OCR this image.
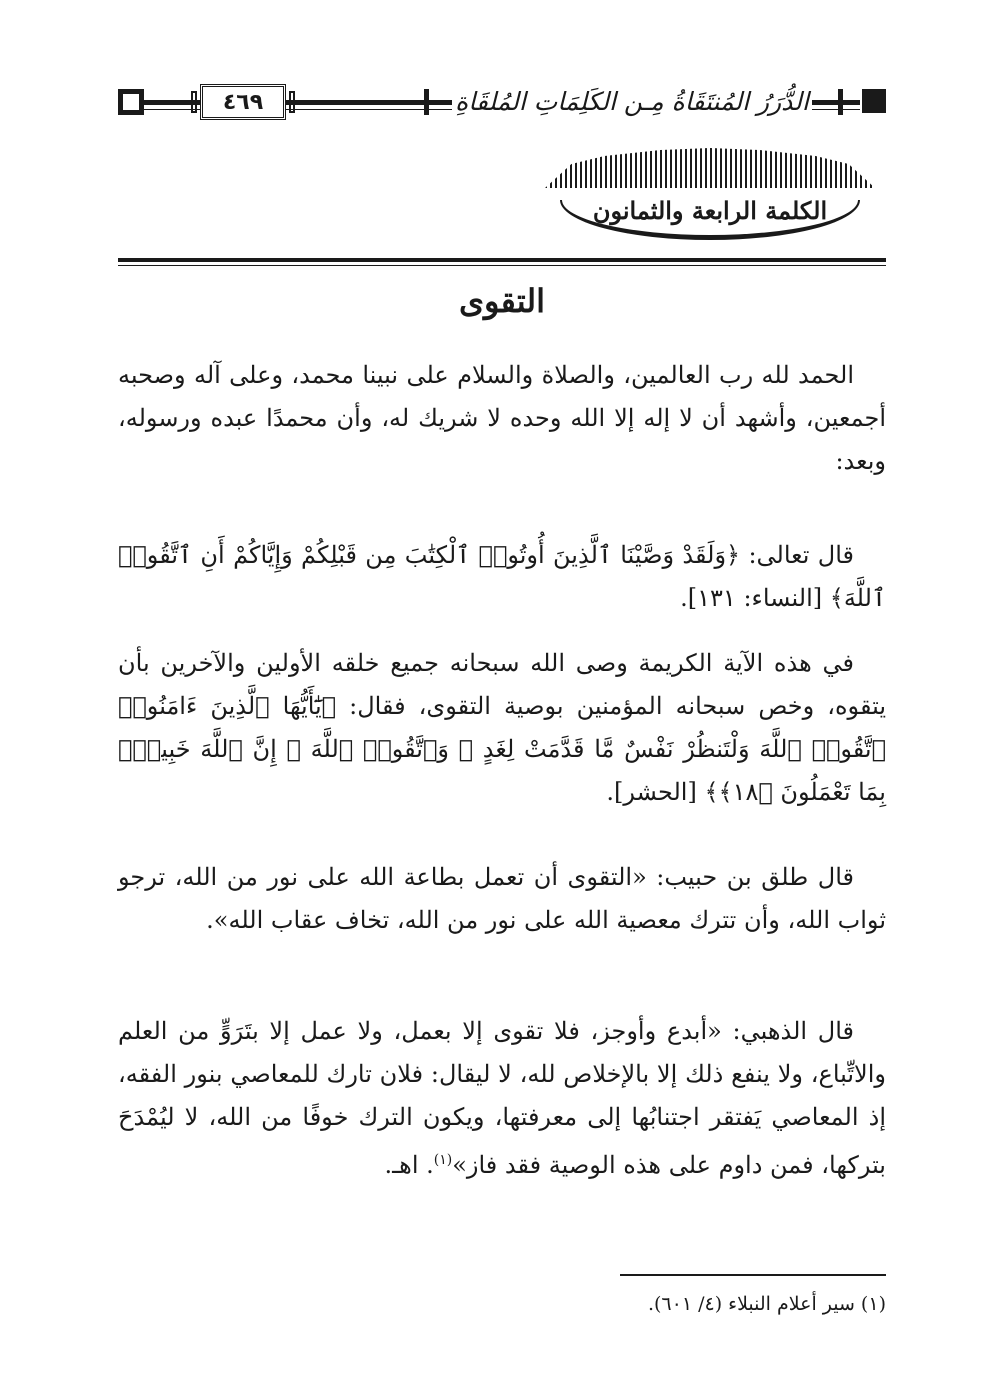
٤٦٩	الدُّرَرُ المُنتَقَاةُ مِـن الكَلِمَاتِ المُلقَاةِ
الكلمة الرابعة والثمانون
التقوى

الحمد لله رب العالمين، والصلاة والسلام على نبينا محمد، وعلى آله وصحبه أجمعين، وأشهد أن لا إله إلا الله وحده لا شريك له، وأن محمدًا عبده ورسوله، وبعد:

قال تعالى: ﴿وَلَقَدْ وَصَّيْنَا ٱلَّذِينَ أُوتُوا۟ ٱلْكِتَٰبَ مِن قَبْلِكُمْ وَإِيَّاكُمْ أَنِ ٱتَّقُوا۟ ٱللَّهَ﴾ [النساء: ١٣١].

في هذه الآية الكريمة وصى الله سبحانه جميع خلقه الأولين والآخرين بأن يتقوه، وخص سبحانه المؤمنين بوصية التقوى، فقال: ﴿يَٰٓأَيُّهَا ٱلَّذِينَ ءَامَنُوا۟ ٱتَّقُوا۟ ٱللَّهَ وَلْتَنظُرْ نَفْسٌ مَّا قَدَّمَتْ لِغَدٍ ۖ وَٱتَّقُوا۟ ٱللَّهَ ۚ إِنَّ ٱللَّهَ خَبِيرٌۢ بِمَا تَعْمَلُونَ ﴿١٨﴾﴾ [الحشر].

قال طلق بن حبيب: «التقوى أن تعمل بطاعة الله على نور من الله، ترجو ثواب الله، وأن تترك معصية الله على نور من الله، تخاف عقاب الله».

قال الذهبي: «أبدع وأوجز، فلا تقوى إلا بعمل، ولا عمل إلا بتَرَوٍّ من العلم والاتِّباع، ولا ينفع ذلك إلا بالإخلاص لله، لا ليقال: فلان تارك للمعاصي بنور الفقه، إذ المعاصي يَفتقر اجتنابُها إلى معرفتها، ويكون الترك خوفًا من الله، لا ليُمْدَحَ بتركها، فمن داوم على هذه الوصية فقد فاز»$^{(١)}$. اهـ.

(١) سير أعلام النبلاء (٤/ ٦٠١).
